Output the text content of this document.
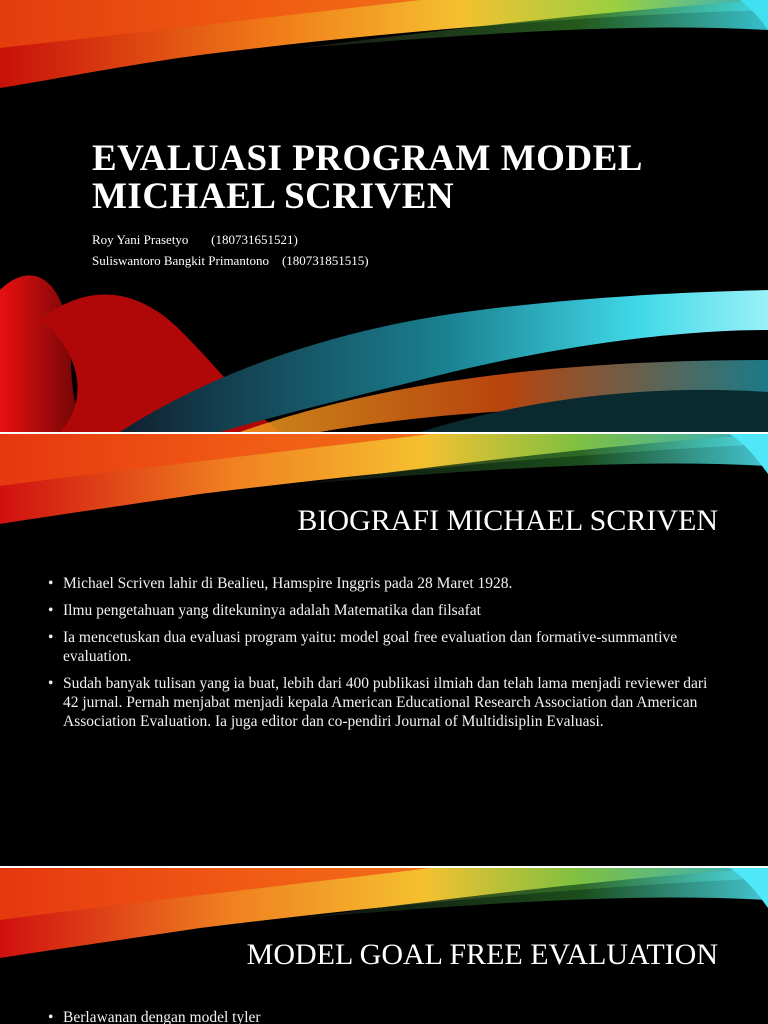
EVALUASI PROGRAM MODEL MICHAEL SCRIVEN
Roy Yani Prasetyo       (180731651521)
Suliswantoro Bangkit Primantono    (180731851515)
BIOGRAFI MICHAEL SCRIVEN
• Michael Scriven lahir di Bealieu, Hamspire Inggris pada 28 Maret 1928.
• Ilmu pengetahuan yang ditekuninya adalah Matematika dan filsafat
• Ia mencetuskan dua evaluasi program yaitu: model goal free evaluation dan formative-summantive evaluation.
• Sudah banyak tulisan yang ia buat, lebih dari 400 publikasi ilmiah dan telah lama menjadi reviewer dari 42 jurnal. Pernah menjabat menjadi kepala American Educational Research Association dan American Association Evaluation. Ia juga editor dan co-pendiri Journal of Multidisiplin Evaluasi.
MODEL GOAL FREE EVALUATION
• Berlawanan dengan model tyler
